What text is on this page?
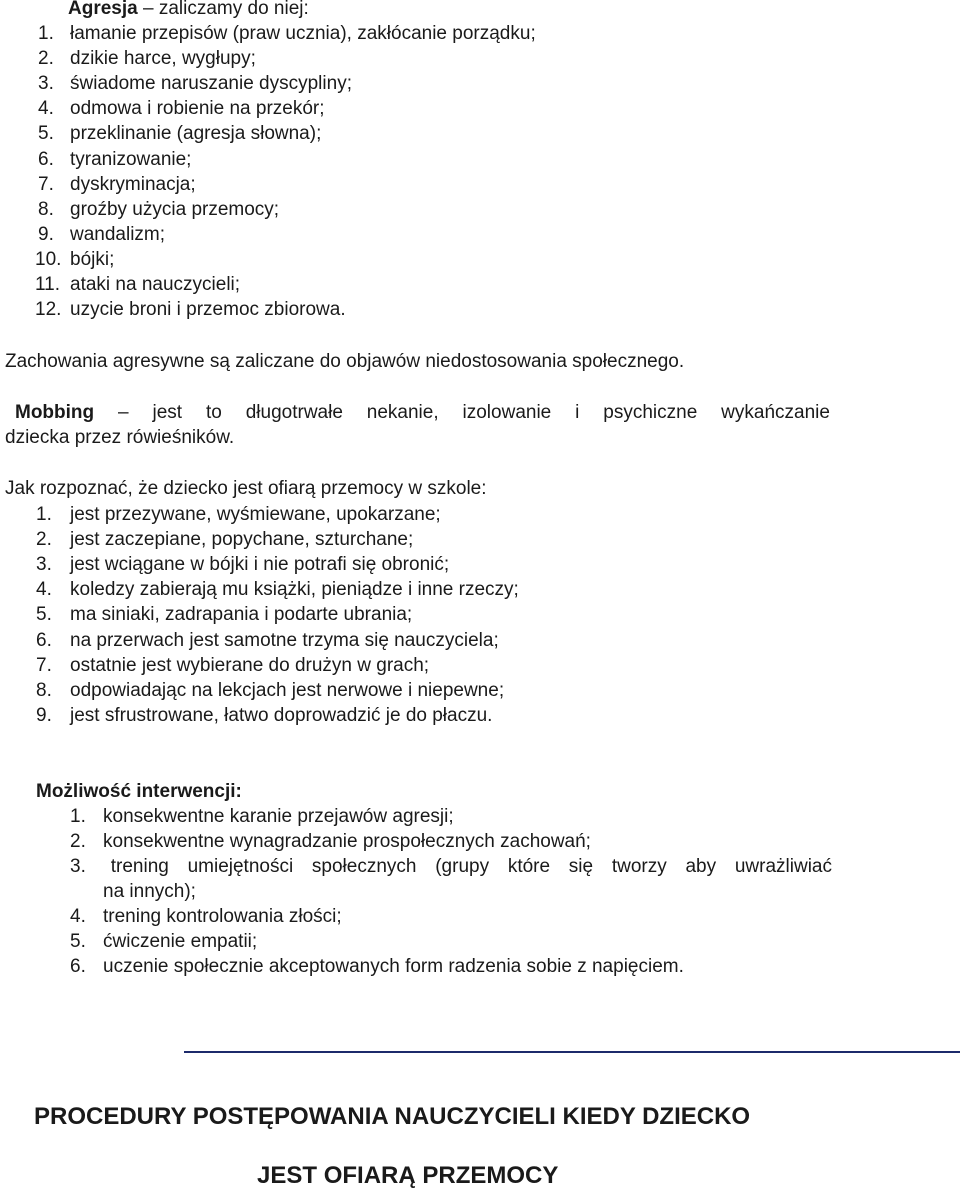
Agresja – zaliczamy do niej:
1. łamanie przepisów (praw ucznia), zakłócanie porządku;
2. dzikie harce, wygłupy;
3. świadome naruszanie dyscypliny;
4. odmowa i robienie na przekór;
5. przeklinanie (agresja słowna);
6. tyranizowanie;
7. dyskryminacja;
8. groźby użycia przemocy;
9. wandalizm;
10. bójki;
11. ataki na nauczycieli;
12. uzycie broni i przemoc zbiorowa.
Zachowania agresywne są zaliczane do objawów niedostosowania społecznego.
Mobbing – jest to długotrwałe nekanie, izolowanie i psychiczne wykańczanie
dziecka przez rówieśników.
Jak rozpoznać, że dziecko jest ofiarą przemocy w szkole:
1. jest przezywane, wyśmiewane, upokarzane;
2. jest zaczepiane, popychane, szturchane;
3. jest wciągane w bójki i nie potrafi się obronić;
4. koledzy zabierają mu książki, pieniądze i inne rzeczy;
5. ma siniaki, zadrapania i podarte ubrania;
6. na przerwach jest samotne trzyma się nauczyciela;
7. ostatnie jest wybierane do drużyn w grach;
8. odpowiadając na lekcjach jest nerwowe i niepewne;
9. jest sfrustrowane, łatwo doprowadzić je do płaczu.
Możliwość interwencji:
1. konsekwentne karanie przejawów agresji;
2. konsekwentne wynagradzanie prospołecznych zachowań;
3.	trening umiejętności społecznych (grupy które się tworzy aby uwrażliwiać
na innych);
4. trening kontrolowania złości;
5. ćwiczenie empatii;
6. uczenie społecznie akceptowanych form radzenia sobie z napięciem.
PROCEDURY POSTĘPOWANIA NAUCZYCIELI KIEDY DZIECKO
JEST OFIARĄ PRZEMOCY
